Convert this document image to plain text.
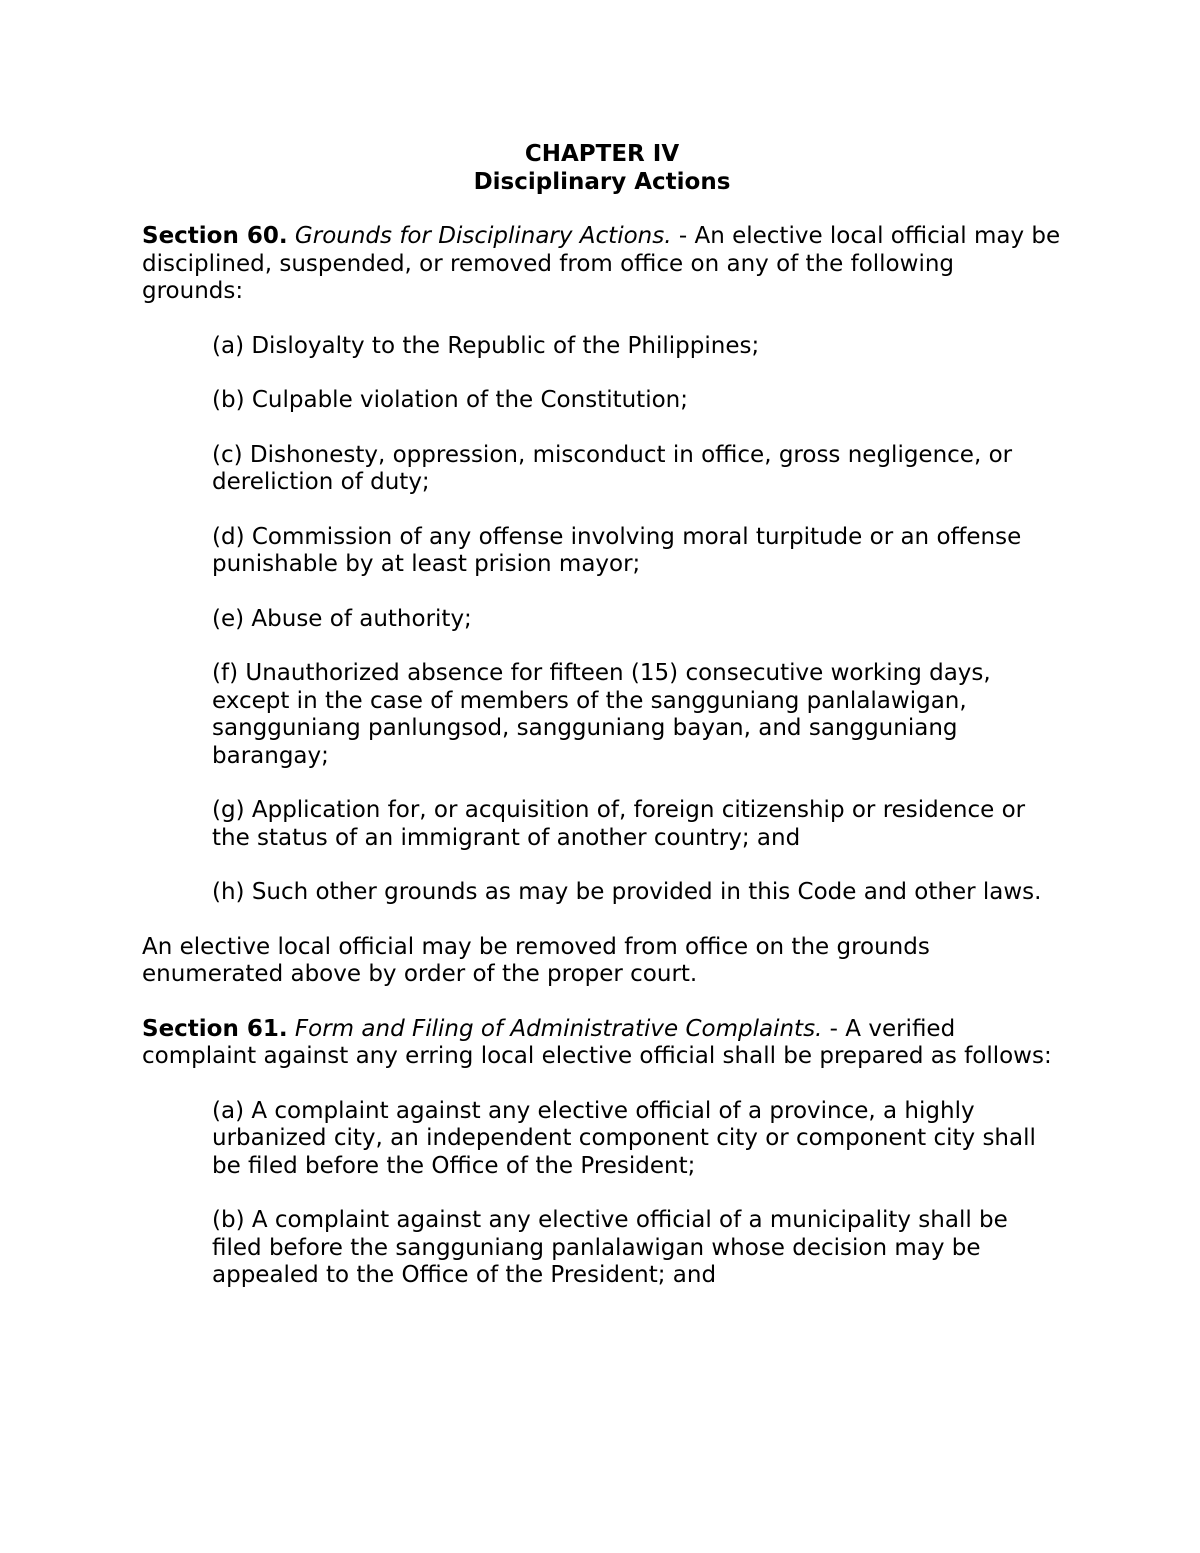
CHAPTER IV

Disciplinary Actions

Section 60. Grounds for Disciplinary Actions. - An elective local official may be disciplined, suspended, or removed from office on any of the following grounds:

(a) Disloyalty to the Republic of the Philippines;

(b) Culpable violation of the Constitution;

(c) Dishonesty, oppression, misconduct in office, gross negligence, or dereliction of duty;

(d) Commission of any offense involving moral turpitude or an offense punishable by at least prision mayor;

(e) Abuse of authority;

(f) Unauthorized absence for fifteen (15) consecutive working days, except in the case of members of the sangguniang panlalawigan, sangguniang panlungsod, sangguniang bayan, and sangguniang barangay;

(g) Application for, or acquisition of, foreign citizenship or residence or the status of an immigrant of another country; and

(h) Such other grounds as may be provided in this Code and other laws.

An elective local official may be removed from office on the grounds enumerated above by order of the proper court.

Section 61. Form and Filing of Administrative Complaints. - A verified complaint against any erring local elective official shall be prepared as follows:

(a) A complaint against any elective official of a province, a highly urbanized city, an independent component city or component city shall be filed before the Office of the President;

(b) A complaint against any elective official of a municipality shall be filed before the sangguniang panlalawigan whose decision may be appealed to the Office of the President; and
